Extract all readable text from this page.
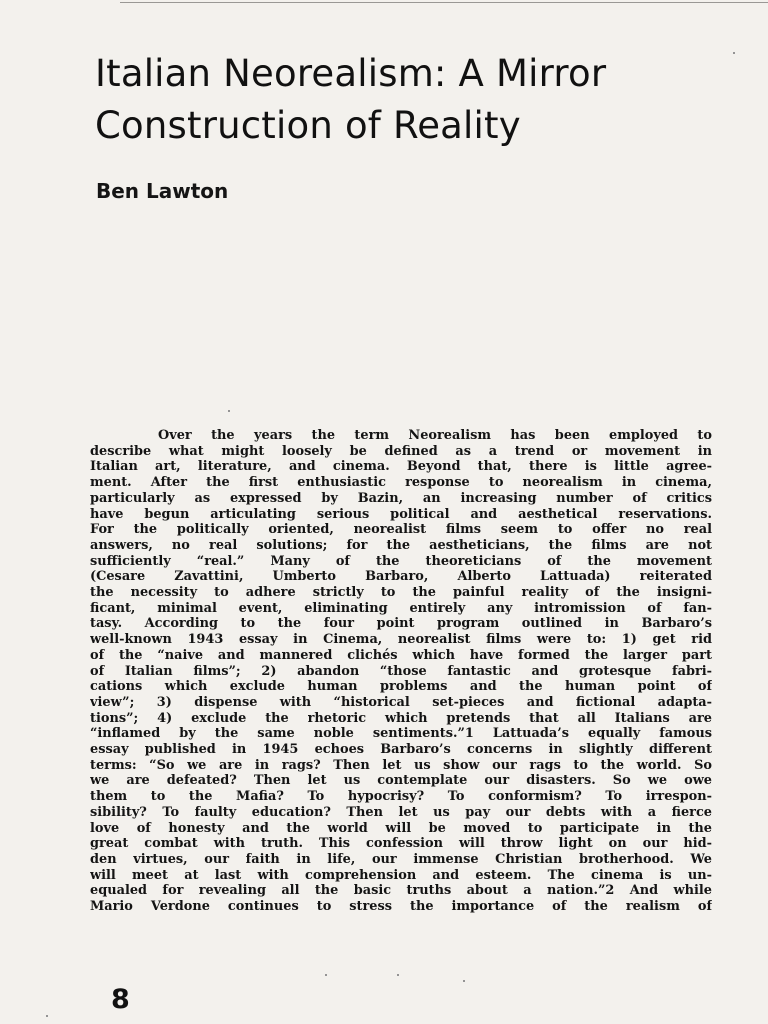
Italian Neorealism: A Mirror
Construction of Reality

Ben Lawton

Over the years the term Neorealism has been employed to
describe what might loosely be defined as a trend or movement in
Italian art, literature, and cinema. Beyond that, there is little agree-
ment. After the first enthusiastic response to neorealism in cinema,
particularly as expressed by Bazin, an increasing number of critics
have begun articulating serious political and aesthetical reservations.
For the politically oriented, neorealist films seem to offer no real
answers, no real solutions; for the aestheticians, the films are not
sufficiently “real.” Many of the theoreticians of the movement
(Cesare Zavattini, Umberto Barbaro, Alberto Lattuada) reiterated
the necessity to adhere strictly to the painful reality of the insigni-
ficant, minimal event, eliminating entirely any intromission of fan-
tasy. According to the four point program outlined in Barbaro’s
well-known 1943 essay in Cinema, neorealist films were to: 1) get rid
of the “naive and mannered clichés which have formed the larger part
of Italian films”; 2) abandon “those fantastic and grotesque fabri-
cations which exclude human problems and the human point of
view”; 3) dispense with “historical set-pieces and fictional adapta-
tions”; 4) exclude the rhetoric which pretends that all Italians are
“inflamed by the same noble sentiments.”1 Lattuada’s equally famous
essay published in 1945 echoes Barbaro’s concerns in slightly different
terms: “So we are in rags? Then let us show our rags to the world. So
we are defeated? Then let us contemplate our disasters. So we owe
them to the Mafia? To hypocrisy? To conformism? To irrespon-
sibility? To faulty education? Then let us pay our debts with a fierce
love of honesty and the world will be moved to participate in the
great combat with truth. This confession will throw light on our hid-
den virtues, our faith in life, our immense Christian brotherhood. We
will meet at last with comprehension and esteem. The cinema is un-
equaled for revealing all the basic truths about a nation.”2 And while
Mario Verdone continues to stress the importance of the realism of

8
